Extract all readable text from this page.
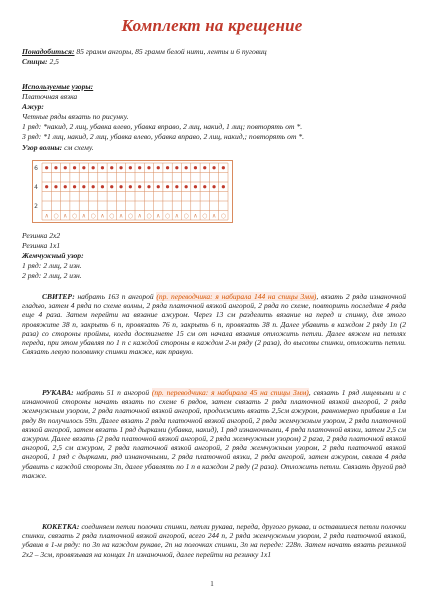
Комплект на крещение
Понадобиться: 85 грамм ангоры, 85 грамм белой нити, ленты и 6 пуговиц
Спицы: 2,5
Используемые узоры:
Платочная вязка
Ажур:
Четные ряды вязать по рисунку.
1 ряд: *накид, 2 лиц, убавка влево, убавка вправо, 2 лиц, накид, 1 лиц; повторять от *.
3 ряд: *1 лиц, накид, 2 лиц, убавка влево, убавка вправо, 2 лиц, накид,; повторять от *.
Узор волны: см схему.
∧ ○ ∧ ○ ∧ ○ ∧ ○ ∧ ○ ∧ ○ ∧ ○ ∧ ○ ∧ ○ ∧ ○
6
4
2
Резинка 2х2
Резинка 1х1
Жемчужный узор:
1 ряд: 2 лиц, 2 изн.
2 ряд: 2 лиц, 2 изн.

СВИТЕР: набрать 163 п ангорой (пр. переводчика: я набирала 144 на спицы 3мм), вязать 2 ряда изнаночной гладью, затем 4 ряда по схеме волны, 2 ряда платочной вязкой ангорой, 2 ряда по схеме, повторить последние 4 ряда еще 4 раза. Затем перейти на вязание ажуром. Через 13 см разделить вязание на перед и спинку, для этого провяжите 38 п, закрыть 6 п, провязать 76 п, закрыть 6 п, провязать 38 п. Далее убавить в каждом 2 ряду 1п (2 раза) со стороны проймы, когда достигнете 15 см от начала вязания отложить петли. Далее вяжем на петлях переда, при этом убавляя по 1 п с каждой стороны в каждом 2-м ряду (2 раза), до высоты спинки, отложить петли. Связать левую половинку спинки также, как правую.

РУКАВА: набрать 51 п ангорой (пр. переводчика: я набирала 45 на спицы 3мм), связать 1 ряд лицевыми и с изнаночной стороны начать вязать по схеме 6 рядов, затем связать 2 ряда платочной вязкой ангорой, 2 ряда жемчужным узором, 2 ряда платочной вязкой ангорой, продолжить вязать 2,5см ажуром, равномерно прибавив в 1м ряду 8п получилось 59п. Далее вязать 2 ряда платочной вязкой ангорой, 2 ряда жемчужным узором, 2 ряда платочной вязкой ангорой, затем вязать 1 ряд дырками (убавка, накид), 1 ряд изнаночными, 4 ряда платочной вязки, затем 2,5 см ажуром. Далее вязать (2 ряда платочной вязкой ангорой, 2 ряда жемчужным узором) 2 раза, 2 ряда платочной вязкой ангорой, 2,5 см ажуром, 2 ряда платочной вязкой ангорой, 2 ряда жемчужным узором, 2 ряда платочной вязкой ангорой, 1 ряд с дырками, ряд изнаночными, 2 ряда платочной вязки, 2 ряда ангорой, затем ажуром, свялав 4 ряда убавить с каждой стороны 3п, далее убавлять по 1 п в каждом 2 ряду (2 раза). Отложить петли. Связать другой ряд также.

КОКЕТКА: соединяем петли полочки спинки, петли рукава, переда, другого рукава, и оставшиеся петли полочки спинки, связать 2 ряда платочной вязкой ангорой, всего 244 п, 2 ряда жемчужным узором, 2 ряда платочной вязкой, убавив в 1-м ряду: по 3п на каждом рукаве, 2п на полочках спинки, 3п на переде: 228п. Затем начать вязать резинкой 2х2 – 3см, провязывая на концах 1п изнаночной, далее перейти на резинку 1х1

1
